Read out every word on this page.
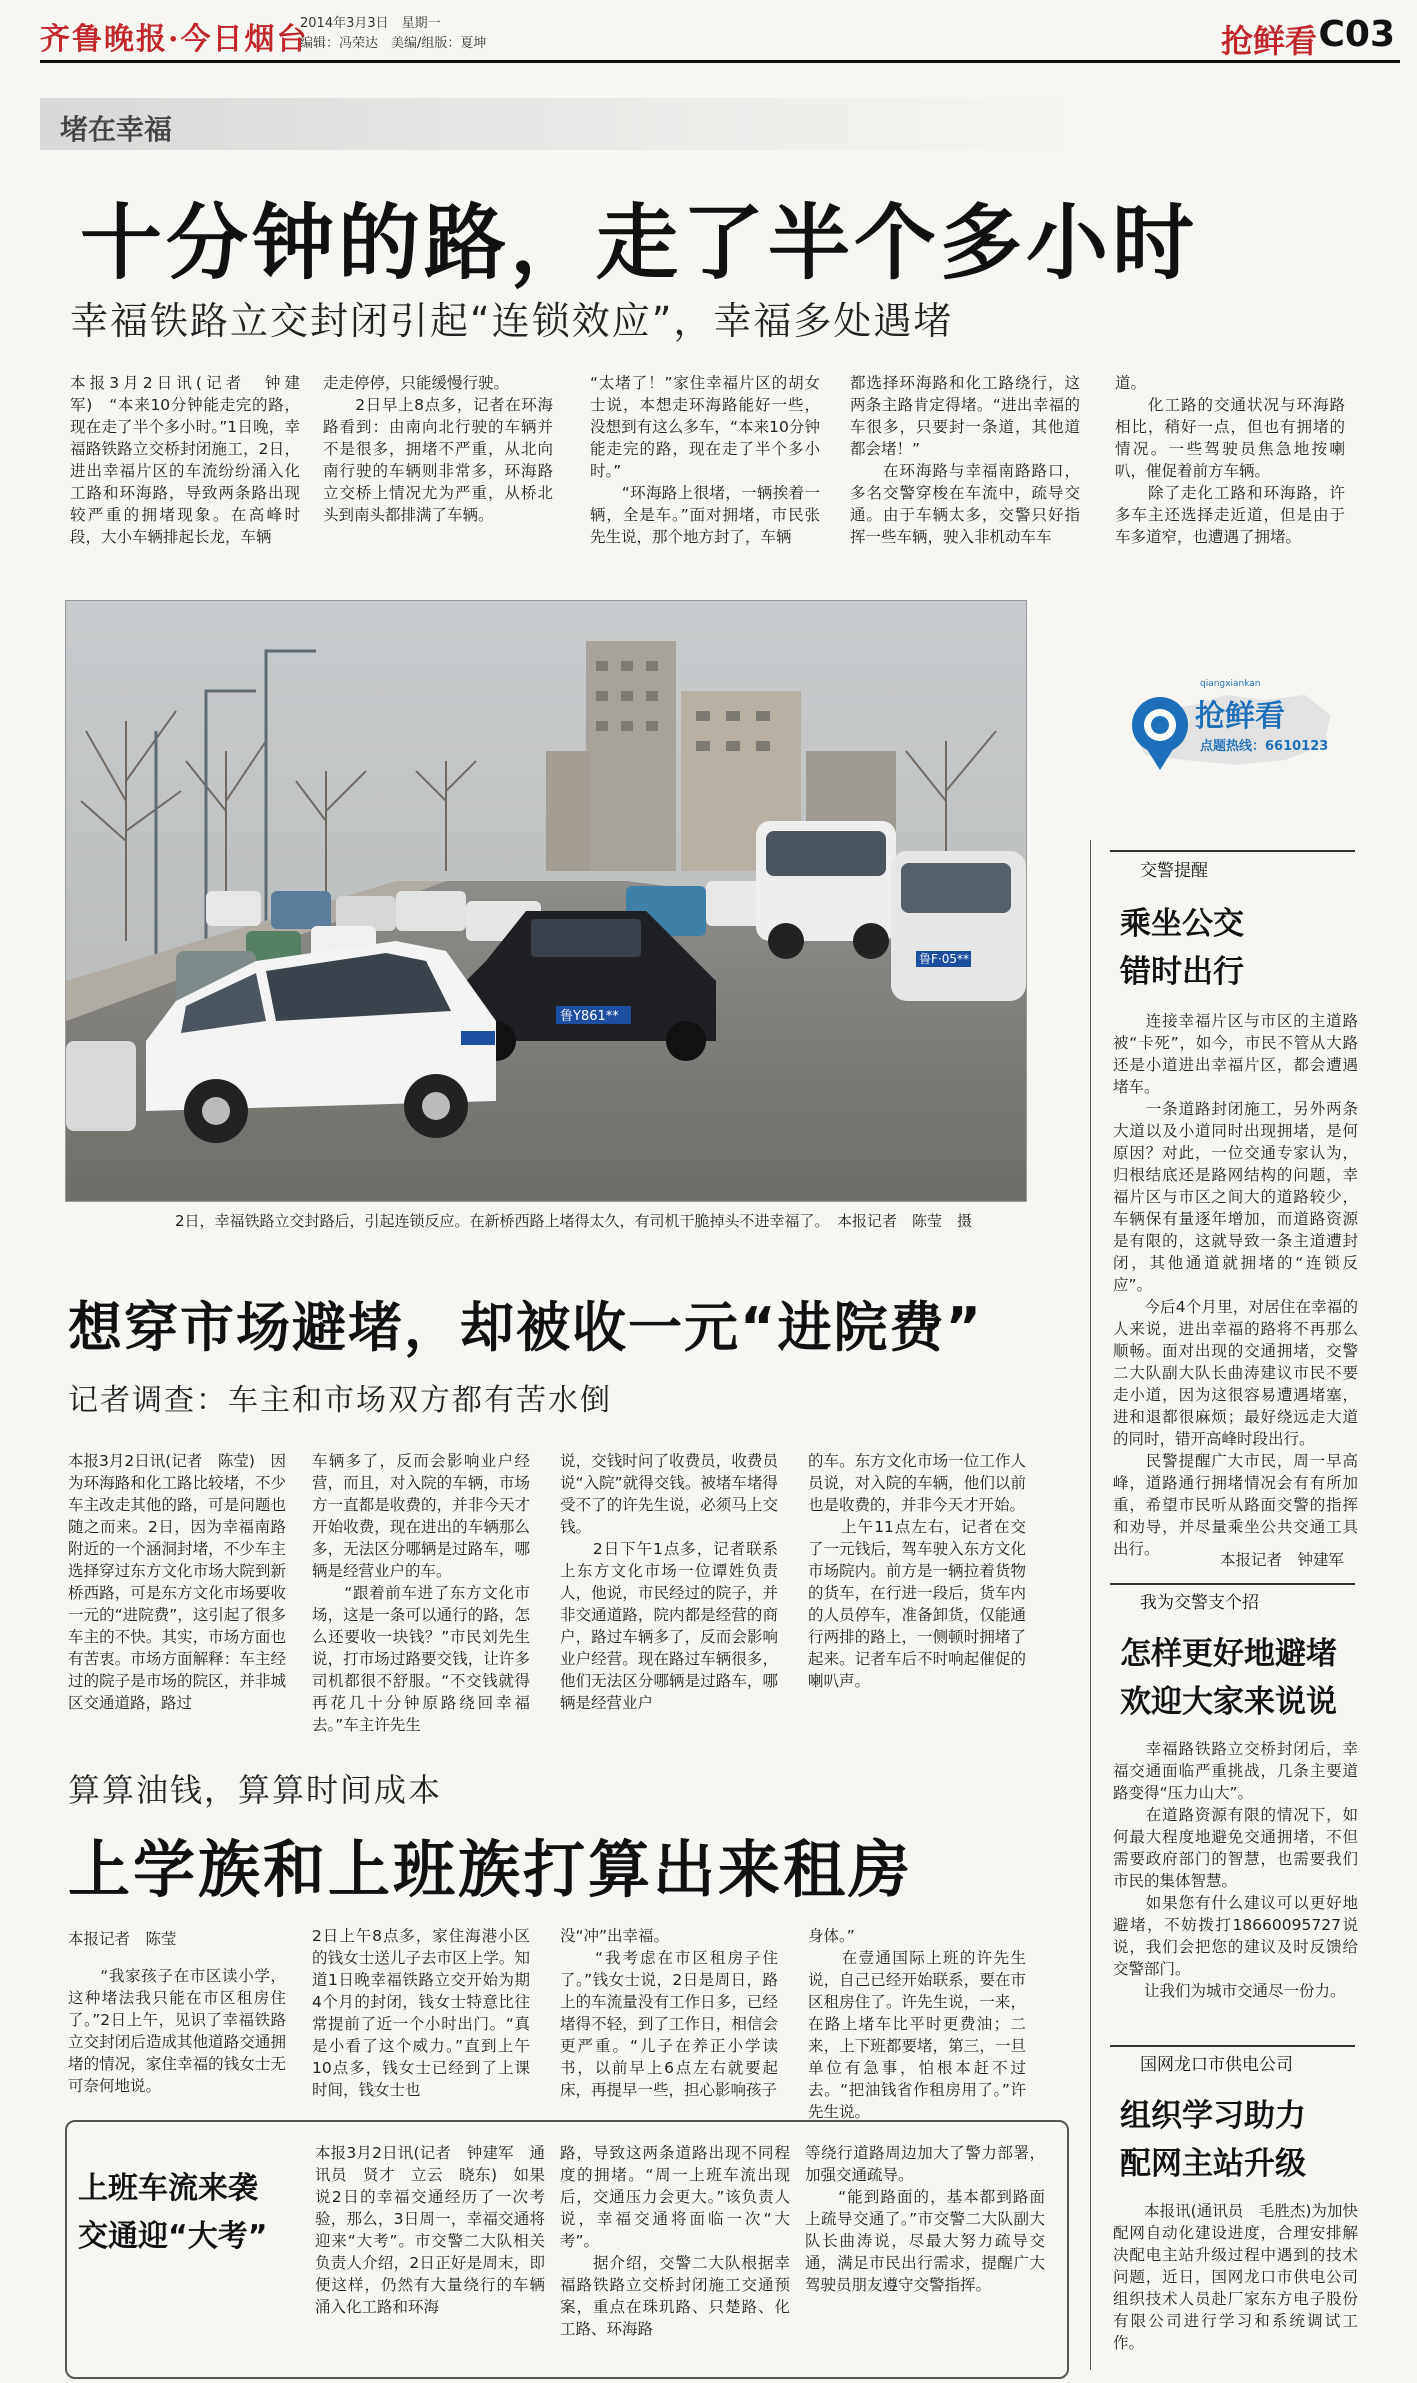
齐鲁晚报·今日烟台
2014年3月3日　星期一
编辑：冯荣达　美编/组版：夏坤	抢鲜看 C03
堵在幸福
十分钟的路，走了半个多小时
幸福铁路立交封闭引起“连锁效应”，幸福多处遇堵
本报3月2日讯(记者　钟建军)　“本来10分钟能走完的路，现在走了半个多小时。”1日晚，幸福路铁路立交桥封闭施工，2日，进出幸福片区的车流纷纷涌入化工路和环海路，导致两条路出现较严重的拥堵现象。在高峰时段，大小车辆排起长龙，车辆
走走停停，只能缓慢行驶。
　　2日早上8点多，记者在环海路看到：由南向北行驶的车辆并不是很多，拥堵不严重，从北向南行驶的车辆则非常多，环海路立交桥上情况尤为严重，从桥北头到南头都排满了车辆。
“太堵了！”家住幸福片区的胡女士说，本想走环海路能好一些，没想到有这么多车，“本来10分钟能走完的路，现在走了半个多小时。”
　　“环海路上很堵，一辆挨着一辆，全是车。”面对拥堵，市民张先生说，那个地方封了，车辆
都选择环海路和化工路绕行，这两条主路肯定得堵。“进出幸福的车很多，只要封一条道，其他道都会堵！”
　　在环海路与幸福南路路口，多名交警穿梭在车流中，疏导交通。由于车辆太多，交警只好指挥一些车辆，驶入非机动车车
道。
　　化工路的交通状况与环海路相比，稍好一点，但也有拥堵的情况。一些驾驶员焦急地按喇叭，催促着前方车辆。
　　除了走化工路和环海路，许多车主还选择走近道，但是由于车多道窄，也遭遇了拥堵。
鲁F·05**
鲁Y861**
2日，幸福铁路立交封路后，引起连锁反应。在新桥西路上堵得太久，有司机干脆掉头不进幸福了。　本报记者　陈莹　摄
qiangxiankan
抢鲜看
点题热线：6610123
想穿市场避堵，却被收一元“进院费”
记者调查：车主和市场双方都有苦水倒
本报3月2日讯(记者　陈莹)　因为环海路和化工路比较堵，不少车主改走其他的路，可是问题也随之而来。2日，因为幸福南路附近的一个涵洞封堵，不少车主选择穿过东方文化市场大院到新桥西路，可是东方文化市场要收一元的“进院费”，这引起了很多车主的不快。其实，市场方面也有苦衷。市场方面解释：车主经过的院子是市场的院区，并非城区交通道路，路过
车辆多了，反而会影响业户经营，而且，对入院的车辆，市场方一直都是收费的，并非今天才开始收费，现在进出的车辆那么多，无法区分哪辆是过路车，哪辆是经营业户的车。
　　“跟着前车进了东方文化市场，这是一条可以通行的路，怎么还要收一块钱？”市民刘先生说，打市场过路要交钱，让许多司机都很不舒服。“不交钱就得再花几十分钟原路绕回幸福去。”车主许先生
说，交钱时问了收费员，收费员说“入院”就得交钱。被堵车堵得受不了的许先生说，必须马上交钱。
　　2日下午1点多，记者联系上东方文化市场一位谭姓负责人，他说，市民经过的院子，并非交通道路，院内都是经营的商户，路过车辆多了，反而会影响业户经营。现在路过车辆很多，他们无法区分哪辆是过路车，哪辆是经营业户
的车。东方文化市场一位工作人员说，对入院的车辆，他们以前也是收费的，并非今天才开始。
　　上午11点左右，记者在交了一元钱后，驾车驶入东方文化市场院内。前方是一辆拉着货物的货车，在行进一段后，货车内的人员停车，准备卸货，仅能通行两排的路上，一侧顿时拥堵了起来。记者车后不时响起催促的喇叭声。
算算油钱，算算时间成本
上学族和上班族打算出来租房
本报记者　陈莹
　　“我家孩子在市区读小学，这种堵法我只能在市区租房住了。”2日上午，见识了幸福铁路立交封闭后造成其他道路交通拥堵的情况，家住幸福的钱女士无可奈何地说。
2日上午8点多，家住海港小区的钱女士送儿子去市区上学。知道1日晚幸福铁路立交开始为期4个月的封闭，钱女士特意比往常提前了近一个小时出门。“真是小看了这个威力。”直到上午10点多，钱女士已经到了上课时间，钱女士也
没“冲”出幸福。
　　“我考虑在市区租房子住了。”钱女士说，2日是周日，路上的车流量没有工作日多，已经堵得不轻，到了工作日，相信会更严重。“儿子在养正小学读书，以前早上6点左右就要起床，再提早一些，担心影响孩子
身体。”
　　在壹通国际上班的许先生说，自己已经开始联系，要在市区租房住了。许先生说，一来，在路上堵车比平时更费油；二来，上下班都要堵，第三，一旦单位有急事，怕根本赶不过去。“把油钱省作租房用了。”许先生说。
上班车流来袭
交通迎“大考”
本报3月2日讯(记者　钟建军　通讯员　贤才　立云　晓东)　如果说2日的幸福交通经历了一次考验，那么，3日周一，幸福交通将迎来“大考”。市交警二大队相关负责人介绍，2日正好是周末，即便这样，仍然有大量绕行的车辆涌入化工路和环海
路，导致这两条道路出现不同程度的拥堵。“周一上班车流出现后，交通压力会更大。”该负责人说，幸福交通将面临一次“大考”。
　　据介绍，交警二大队根据幸福路铁路立交桥封闭施工交通预案，重点在珠玑路、只楚路、化工路、环海路
等绕行道路周边加大了警力部署，加强交通疏导。
　　“能到路面的，基本都到路面上疏导交通了。”市交警二大队副大队长曲涛说，尽最大努力疏导交通，满足市民出行需求，提醒广大驾驶员朋友遵守交警指挥。
交警提醒
乘坐公交
错时出行
　　连接幸福片区与市区的主道路被“卡死”，如今，市民不管从大路还是小道进出幸福片区，都会遭遇堵车。
　　一条道路封闭施工，另外两条大道以及小道同时出现拥堵，是何原因？对此，一位交通专家认为，归根结底还是路网结构的问题，幸福片区与市区之间大的道路较少，车辆保有量逐年增加，而道路资源是有限的，这就导致一条主道遭封闭，其他通道就拥堵的“连锁反应”。
　　今后4个月里，对居住在幸福的人来说，进出幸福的路将不再那么顺畅。面对出现的交通拥堵，交警二大队副大队长曲涛建议市民不要走小道，因为这很容易遭遇堵塞，进和退都很麻烦；最好绕远走大道的同时，错开高峰时段出行。
　　民警提醒广大市民，周一早高峰，道路通行拥堵情况会有有所加重，希望市民听从路面交警的指挥和劝导，并尽量乘坐公共交通工具出行。
本报记者　钟建军
我为交警支个招
怎样更好地避堵
欢迎大家来说说
　　幸福路铁路立交桥封闭后，幸福交通面临严重挑战，几条主要道路变得“压力山大”。
　　在道路资源有限的情况下，如何最大程度地避免交通拥堵，不但需要政府部门的智慧，也需要我们市民的集体智慧。
　　如果您有什么建议可以更好地避堵，不妨拨打18660095727说说，我们会把您的建议及时反馈给交警部门。
　　让我们为城市交通尽一份力。
国网龙口市供电公司
组织学习助力
配网主站升级
　　本报讯(通讯员　毛胜杰)为加快配网自动化建设进度，合理安排解决配电主站升级过程中遇到的技术问题，近日，国网龙口市供电公司组织技术人员赴厂家东方电子股份有限公司进行学习和系统调试工作。
